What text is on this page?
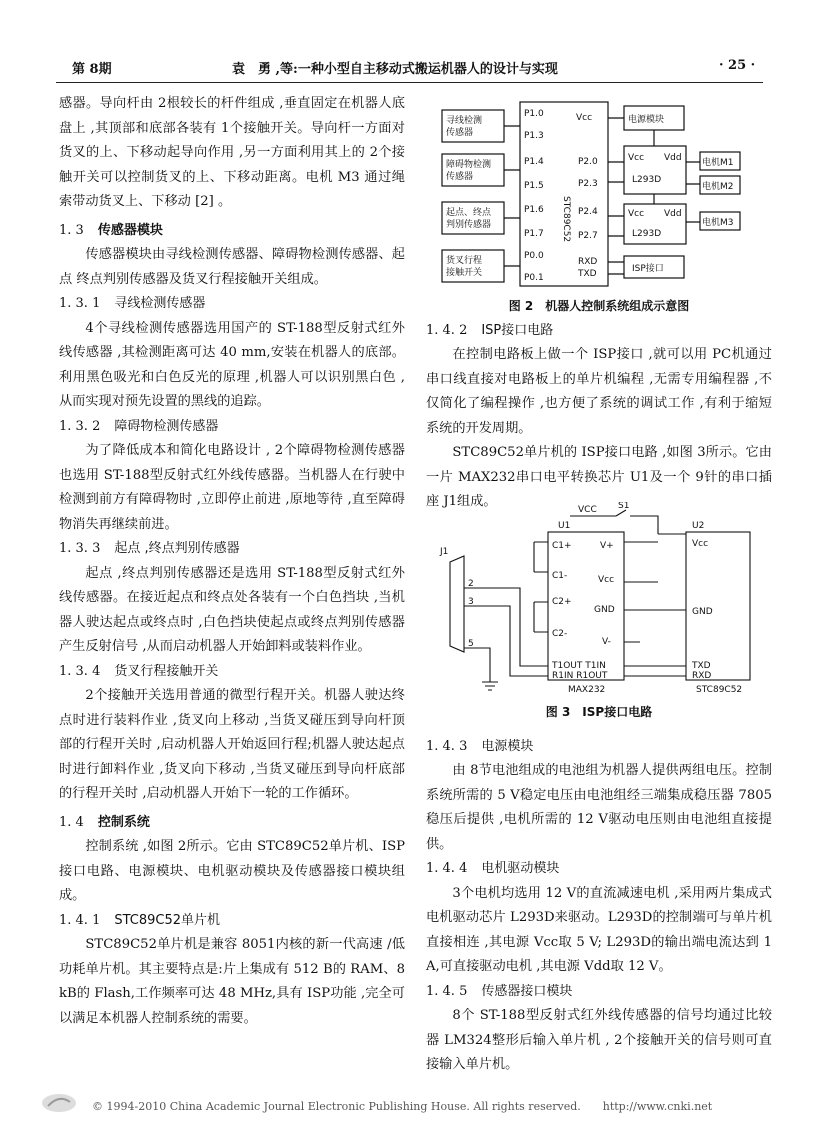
第 8期	袁　勇 ,等:一种小型自主移动式搬运机器人的设计与实现	· 25 ·

感器。导向杆由 2根较长的杆件组成 ,垂直固定在机器人底盘上 ,其顶部和底部各装有 1个接触开关。导向杆一方面对货叉的上、下移动起导向作用 ,另一方面利用其上的 2个接触开关可以控制货叉的上、下移动距离。电机 M3 通过绳索带动货叉上、下移动 [2] 。

1. 3 传感器模块

传感器模块由寻线检测传感器、障碍物检测传感器、起点 终点判别传感器及货叉行程接触开关组成。

1. 3. 1 寻线检测传感器

4个寻线检测传感器选用国产的 ST-188型反射式红外线传感器 ,其检测距离可达 40 mm,安装在机器人的底部。利用黑色吸光和白色反光的原理 ,机器人可以识别黑白色 ,从而实现对预先设置的黑线的追踪。

1. 3. 2 障碍物检测传感器

为了降低成本和简化电路设计 , 2个障碍物检测传感器也选用 ST-188型反射式红外线传感器。当机器人在行驶中检测到前方有障碍物时 ,立即停止前进 ,原地等待 ,直至障碍物消失再继续前进。

1. 3. 3 起点 ,终点判别传感器

起点 ,终点判别传感器还是选用 ST-188型反射式红外线传感器。在接近起点和终点处各装有一个白色挡块 ,当机器人驶达起点或终点时 ,白色挡块使起点或终点判别传感器产生反射信号 ,从而启动机器人开始卸料或装料作业。

1. 3. 4 货叉行程接触开关

2个接触开关选用普通的微型行程开关。机器人驶达终点时进行装料作业 ,货叉向上移动 ,当货叉碰压到导向杆顶部的行程开关时 ,启动机器人开始返回行程;机器人驶达起点时进行卸料作业 ,货叉向下移动 ,当货叉碰压到导向杆底部的行程开关时 ,启动机器人开始下一轮的工作循环。

1. 4 控制系统

控制系统 ,如图 2所示。它由 STC89C52单片机、ISP接口电路、电源模块、电机驱动模块及传感器接口模块组成。

1. 4. 1 STC89C52单片机

STC89C52单片机是兼容 8051内核的新一代高速 /低功耗单片机。其主要特点是:片上集成有 512 B的 RAM、8 kB的 Flash,工作频率可达 48 MHz,具有 ISP功能 ,完全可以满足本机器人控制系统的需要。

寻线检测
传感器
障碍物检测
传感器
起点、终点
判别传感器
货叉行程
接触开关
P1.0
P1.3
P1.4
P1.5
P1.6
P1.7
P0.0
P0.1
Vcc
P2.0
P2.3
P2.4
P2.7
RXD
TXD
电源模块
Vcc Vdd
L293D
Vcc Vdd
L293D
ISP接口
电机M1
电机M2
电机M3
STC89C52
图 2　机器人控制系统组成示意图
1. 4. 2 ISP接口电路

在控制电路板上做一个 ISP接口 ,就可以用 PC机通过串口线直接对电路板上的单片机编程 ,无需专用编程器 ,不仅简化了编程操作 ,也方便了系统的调试工作 ,有利于缩短系统的开发周期。

STC89C52单片机的 ISP接口电路 ,如图 3所示。它由一片 MAX232串口电平转换芯片 U1及一个 9针的串口插座 J1组成。

VCC S1
U1	U2
J1
C1+
C1-
C2+
C2-
V+
Vcc
GND
V-
T1OUT T1IN
R1IN R1OUT
MAX232	STC89C52
Vcc
GND
TXD
RXD
2
3
5
图 3　ISP接口电路
1. 4. 3 电源模块

由 8节电池组成的电池组为机器人提供两组电压。控制系统所需的 5 V稳定电压由电池组经三端集成稳压器 7805稳压后提供 ,电机所需的 12 V驱动电压则由电池组直接提供。

1. 4. 4 电机驱动模块

3个电机均选用 12 V的直流减速电机 ,采用两片集成式电机驱动芯片 L293D来驱动。L293D的控制端可与单片机直接相连 ,其电源 Vcc取 5 V; L293D的输出端电流达到 1 A,可直接驱动电机 ,其电源 Vdd取 12 V。

1. 4. 5 传感器接口模块

8个 ST-188型反射式红外线传感器的信号均通过比较器 LM324整形后输入单片机 , 2个接触开关的信号则可直接输入单片机。

© 1994-2010 China Academic Journal Electronic Publishing House. All rights reserved.　　http://www.cnki.net
